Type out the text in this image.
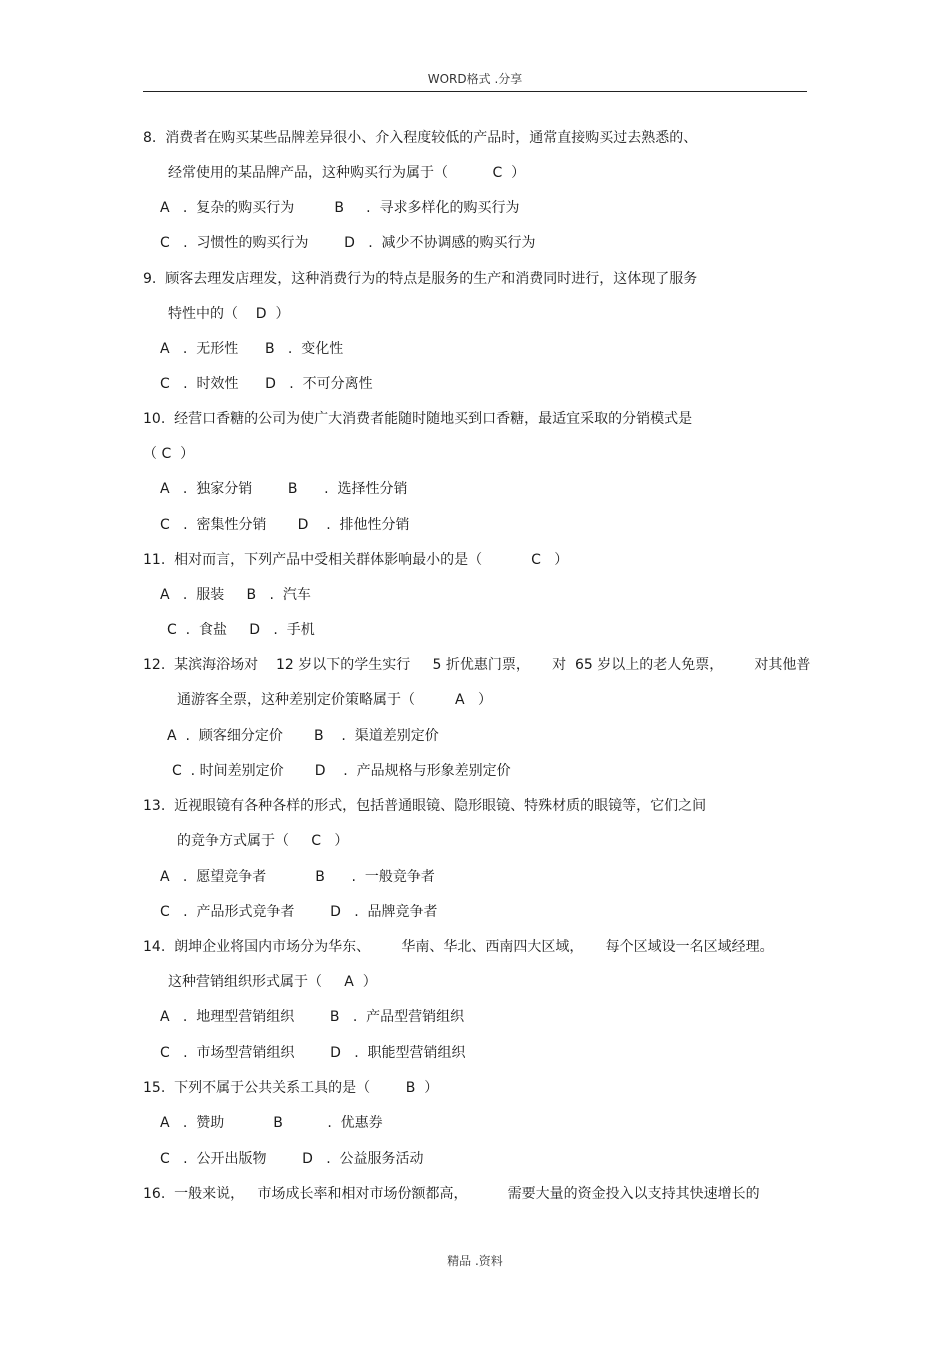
WORD格式 .分享
8.  消费者在购买某些品牌差异很小、介入程度较低的产品时，通常直接购买过去熟悉的、
经常使用的某品牌产品，这种购买行为属于（          C  ）
A   .  复杂的购买行为         B     .  寻求多样化的购买行为
C   .  习惯性的购买行为        D   .  减少不协调感的购买行为
9.  顾客去理发店理发，这种消费行为的特点是服务的生产和消费同时进行，这体现了服务
特性中的（    D  ）
A   .  无形性      B   .  变化性
C   .  时效性      D   .  不可分离性
10.  经营口香糖的公司为使广大消费者能随时随地买到口香糖，最适宜采取的分销模式是
（ C  ）
A   .  独家分销        B      .  选择性分销
C   .  密集性分销       D    .  排他性分销
11.  相对而言，下列产品中受相关群体影响最小的是（           C   ）
A   .  服装     B   .  汽车
C  .  食盐     D   .  手机
12.  某滨海浴场对    12 岁以下的学生实行     5 折优惠门票，     对  65 岁以上的老人免票，       对其他普
通游客全票，这种差别定价策略属于（         A   ）
A  .  顾客细分定价       B    .  渠道差别定价
C  . 时间差别定价       D    .  产品规格与形象差别定价
13.  近视眼镜有各种各样的形式，包括普通眼镜、隐形眼镜、特殊材质的眼镜等，它们之间
的竞争方式属于（     C   ）
A   .  愿望竞争者           B      .  一般竞争者
C   .  产品形式竞争者        D   .  品牌竞争者
14.  朗坤企业将国内市场分为华东、       华南、华北、西南四大区域，     每个区域设一名区域经理。
这种营销组织形式属于（     A  ）
A   .  地理型营销组织        B   .  产品型营销组织
C   .  市场型营销组织        D   .  职能型营销组织
15.  下列不属于公共关系工具的是（        B  ）
A   .  赞助           B          .  优惠券
C   .  公开出版物        D   .  公益服务活动
16.  一般来说，   市场成长率和相对市场份额都高，         需要大量的资金投入以支持其快速增长的
精品 .资料
